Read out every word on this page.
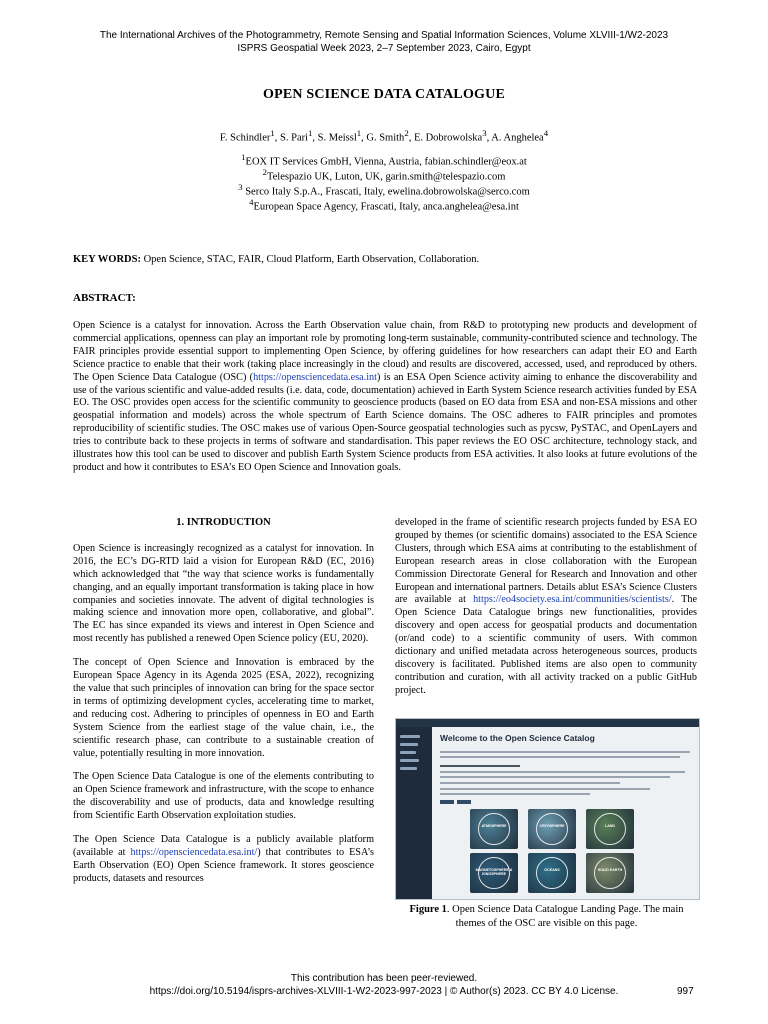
The International Archives of the Photogrammetry, Remote Sensing and Spatial Information Sciences, Volume XLVIII-1/W2-2023
ISPRS Geospatial Week 2023, 2–7 September 2023, Cairo, Egypt
OPEN SCIENCE DATA CATALOGUE
F. Schindler$^1$, S. Pari$^1$, S. Meissl$^1$, G. Smith$^2$, E. Dobrowolska$^3$, A. Anghelea$^4$
$^1$EOX IT Services GmbH, Vienna, Austria, fabian.schindler@eox.at
$^2$Telespazio UK, Luton, UK, garin.smith@telespazio.com
$^3$ Serco Italy S.p.A., Frascati, Italy, ewelina.dobrowolska@serco.com
$^4$European Space Agency, Frascati, Italy, anca.anghelea@esa.int
KEY WORDS: Open Science, STAC, FAIR, Cloud Platform, Earth Observation, Collaboration.
ABSTRACT:
Open Science is a catalyst for innovation. Across the Earth Observation value chain, from R&D to prototyping new products and development of commercial applications, openness can play an important role by promoting long-term sustainable, community-contributed science and technology. The FAIR principles provide essential support to implementing Open Science, by offering guidelines for how researchers can adapt their EO and Earth Science practice to enable that their work (taking place increasingly in the cloud) and results are discovered, accessed, used, and reproduced by others. The Open Science Data Catalogue (OSC) (https://opensciencedata.esa.int) is an ESA Open Science activity aiming to enhance the discoverability and use of the various scientific and value-added results (i.e. data, code, documentation) achieved in Earth System Science research activities funded by ESA EO. The OSC provides open access for the scientific community to geoscience products (based on EO data from ESA and non-ESA missions and other geospatial information and models) across the whole spectrum of Earth Science domains. The OSC adheres to FAIR principles and promotes reproducibility of scientific studies. The OSC makes use of various Open-Source geospatial technologies such as pycsw, PySTAC, and OpenLayers and tries to contribute back to these projects in terms of software and standardisation. This paper reviews the EO OSC architecture, technology stack, and illustrates how this tool can be used to discover and publish Earth System Science products from ESA activities. It also looks at future evolutions of the product and how it contributes to ESA’s EO Open Science and Innovation goals.

1. INTRODUCTION

Open Science is increasingly recognized as a catalyst for innovation. In 2016, the EC’s DG-RTD laid a vision for European R&D (EC, 2016) which acknowledged that “the way that science works is fundamentally changing, and an equally important transformation is taking place in how companies and societies innovate. The advent of digital technologies is making science and innovation more open, collaborative, and global”. The EC has since expanded its views and interest in Open Science and most recently has published a renewed Open Science policy (EU, 2020).

The concept of Open Science and Innovation is embraced by the European Space Agency in its Agenda 2025 (ESA, 2022), recognizing the value that such principles of innovation can bring for the space sector in terms of optimizing development cycles, accelerating time to market, and reducing cost. Adhering to principles of openness in EO and Earth System Science from the earliest stage of the value chain, i.e., the scientific research phase, can contribute to a sustainable creation of value, potentially resulting in more innovation.

The Open Science Data Catalogue is one of the elements contributing to an Open Science framework and infrastructure, with the scope to enhance the discoverability and use of products, data and knowledge resulting from Scientific Earth Observation exploitation studies.

The Open Science Data Catalogue is a publicly available platform (available at https://opensciencedata.esa.int/) that contributes to ESA’s Earth Observation (EO) Open Science framework. It stores geoscience products, datasets and resources

developed in the frame of scientific research projects funded by ESA EO grouped by themes (or scientific domains) associated to the ESA Science Clusters, through which ESA aims at contributing to the establishment of European research areas in close collaboration with the European Commission Directorate General for Research and Innovation and other European and international partners. Details ablut ESA’s Science Clusters are available at https://eo4society.esa.int/communities/scientists/. The Open Science Data Catalogue brings new functionalities, provides discovery and open access for geospatial products and documentation (or/and code) to a scientific community of users. With common dictionary and unified metadata across heterogeneous sources, products discovery is facilitated. Published items are also open to community contribution and curation, with all activity tracked on a public GitHub project.

Welcome to the Open Science Catalog
ATMOSPHERE	CRYOSPHERE	LAND
MAGNETOSPHERE & IONOSPHERE
OCEANS	SOLID EARTH
Figure 1. Open Science Data Catalogue Landing Page. The main themes of the OSC are visible on this page.
This contribution has been peer-reviewed.
https://doi.org/10.5194/isprs-archives-XLVIII-1-W2-2023-997-2023 | © Author(s) 2023. CC BY 4.0 License.	997
